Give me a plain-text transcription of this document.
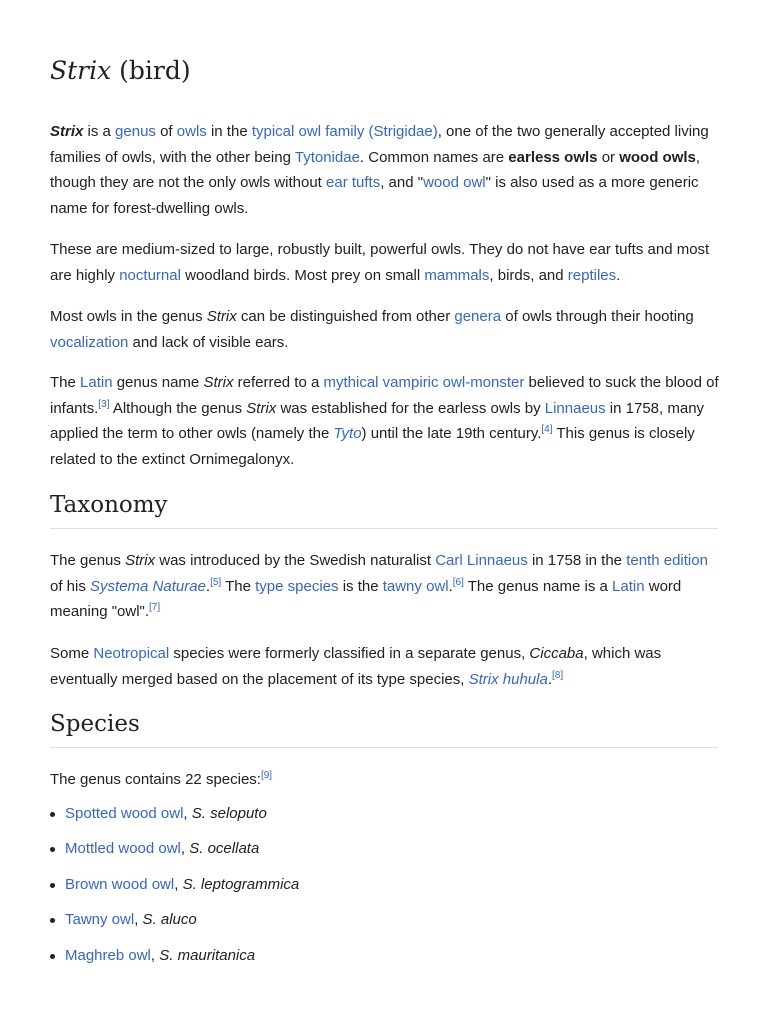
Strix (bird)

Strix is a genus of owls in the typical owl family (Strigidae), one of the two generally accepted living families of owls, with the other being Tytonidae. Common names are earless owls or wood owls, though they are not the only owls without ear tufts, and "wood owl" is also used as a more generic name for forest-dwelling owls.

These are medium-sized to large, robustly built, powerful owls. They do not have ear tufts and most are highly nocturnal woodland birds. Most prey on small mammals, birds, and reptiles.

Most owls in the genus Strix can be distinguished from other genera of owls through their hooting vocalization and lack of visible ears.

The Latin genus name Strix referred to a mythical vampiric owl-monster believed to suck the blood of infants.[3] Although the genus Strix was established for the earless owls by Linnaeus in 1758, many applied the term to other owls (namely the Tyto) until the late 19th century.[4] This genus is closely related to the extinct Ornimegalonyx.

Taxonomy

The genus Strix was introduced by the Swedish naturalist Carl Linnaeus in 1758 in the tenth edition of his Systema Naturae.[5] The type species is the tawny owl.[6] The genus name is a Latin word meaning "owl".[7]

Some Neotropical species were formerly classified in a separate genus, Ciccaba, which was eventually merged based on the placement of its type species, Strix huhula.[8]

Species

The genus contains 22 species:[9]

Spotted wood owl, S. seloputo
Mottled wood owl, S. ocellata
Brown wood owl, S. leptogrammica
Tawny owl, S. aluco
Maghreb owl, S. mauritanica
